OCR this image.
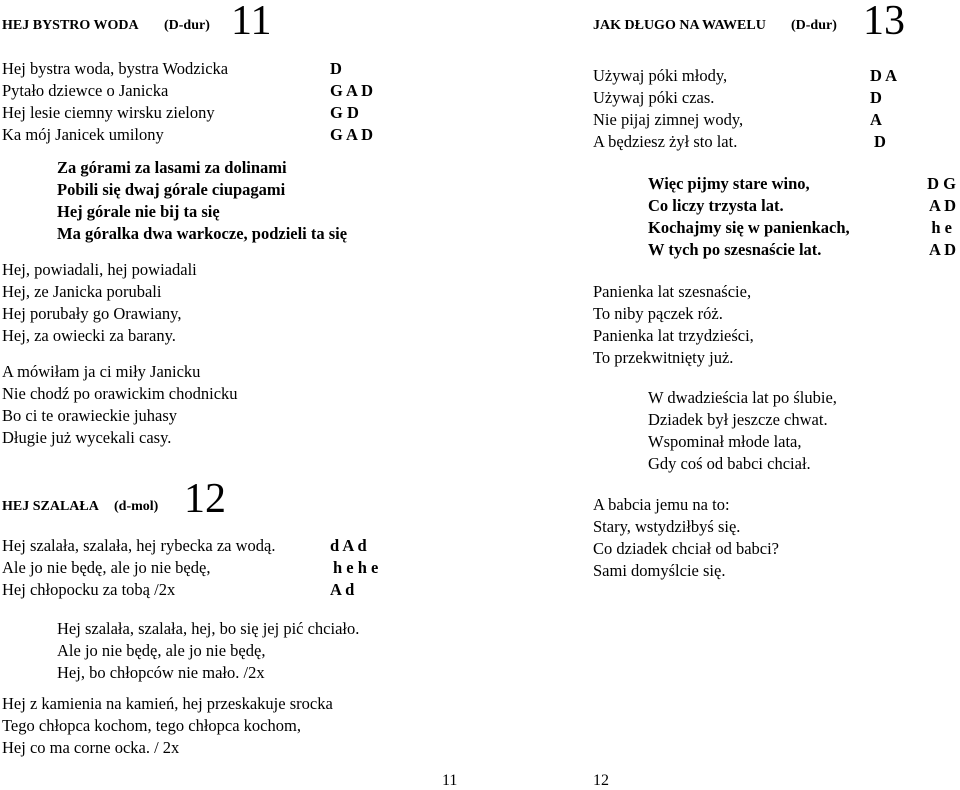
HEJ BYSTRO WODA (D-dur) 11
Hej bystra woda, bystra Wodzicka
Pytało dziewce o Janicka
Hej lesie ciemny wirsku zielony
Ka mój Janicek umilony
D
G A D
G D
G A D
Za górami za lasami za dolinami
Pobili się dwaj górale ciupagami
Hej górale nie bij ta się
Ma góralka dwa warkocze, podzieli ta się
Hej, powiadali, hej powiadali
Hej, ze Janicka porubali
Hej porubały go Orawiany,
Hej, za owiecki za barany.
A mówiłam ja ci miły Janicku
Nie chodź po orawickim chodnicku
Bo ci te orawieckie juhasy
Długie już wycekali casy.
HEJ SZALAŁA (d-mol) 12
Hej szalała, szalała, hej rybecka za wodą.
Ale jo nie będę, ale jo nie będę,
Hej chłopocku za tobą /2x
d A d
h e h e
A d
Hej szalała, szalała, hej, bo się jej pić chciało.
Ale jo nie będę, ale jo nie będę,
Hej, bo chłopców nie mało. /2x
Hej z kamienia na kamień, hej przeskakuje srocka
Tego chłopca kochom, tego chłopca kochom,
Hej co ma corne ocka. / 2x
JAK DŁUGO NA WAWELU (D-dur) 13
Używaj póki młody,
Używaj póki czas.
Nie pijaj zimnej wody,
A będziesz żył sto lat.
D A
D
A
D
Więc pijmy stare wino,
Co liczy trzysta lat.
Kochajmy się w panienkach,
W tych po szesnaście lat.
D G
A D
h e
A D
Panienka lat szesnaście,
To niby pączek róż.
Panienka lat trzydzieści,
To przekwitnięty już.
W dwadzieścia lat po ślubie,
Dziadek był jeszcze chwat.
Wspominał młode lata,
Gdy coś od babci chciał.
A babcia jemu na to:
Stary, wstydziłbyś się.
Co dziadek chciał od babci?
Sami domyślcie się.
11	12
